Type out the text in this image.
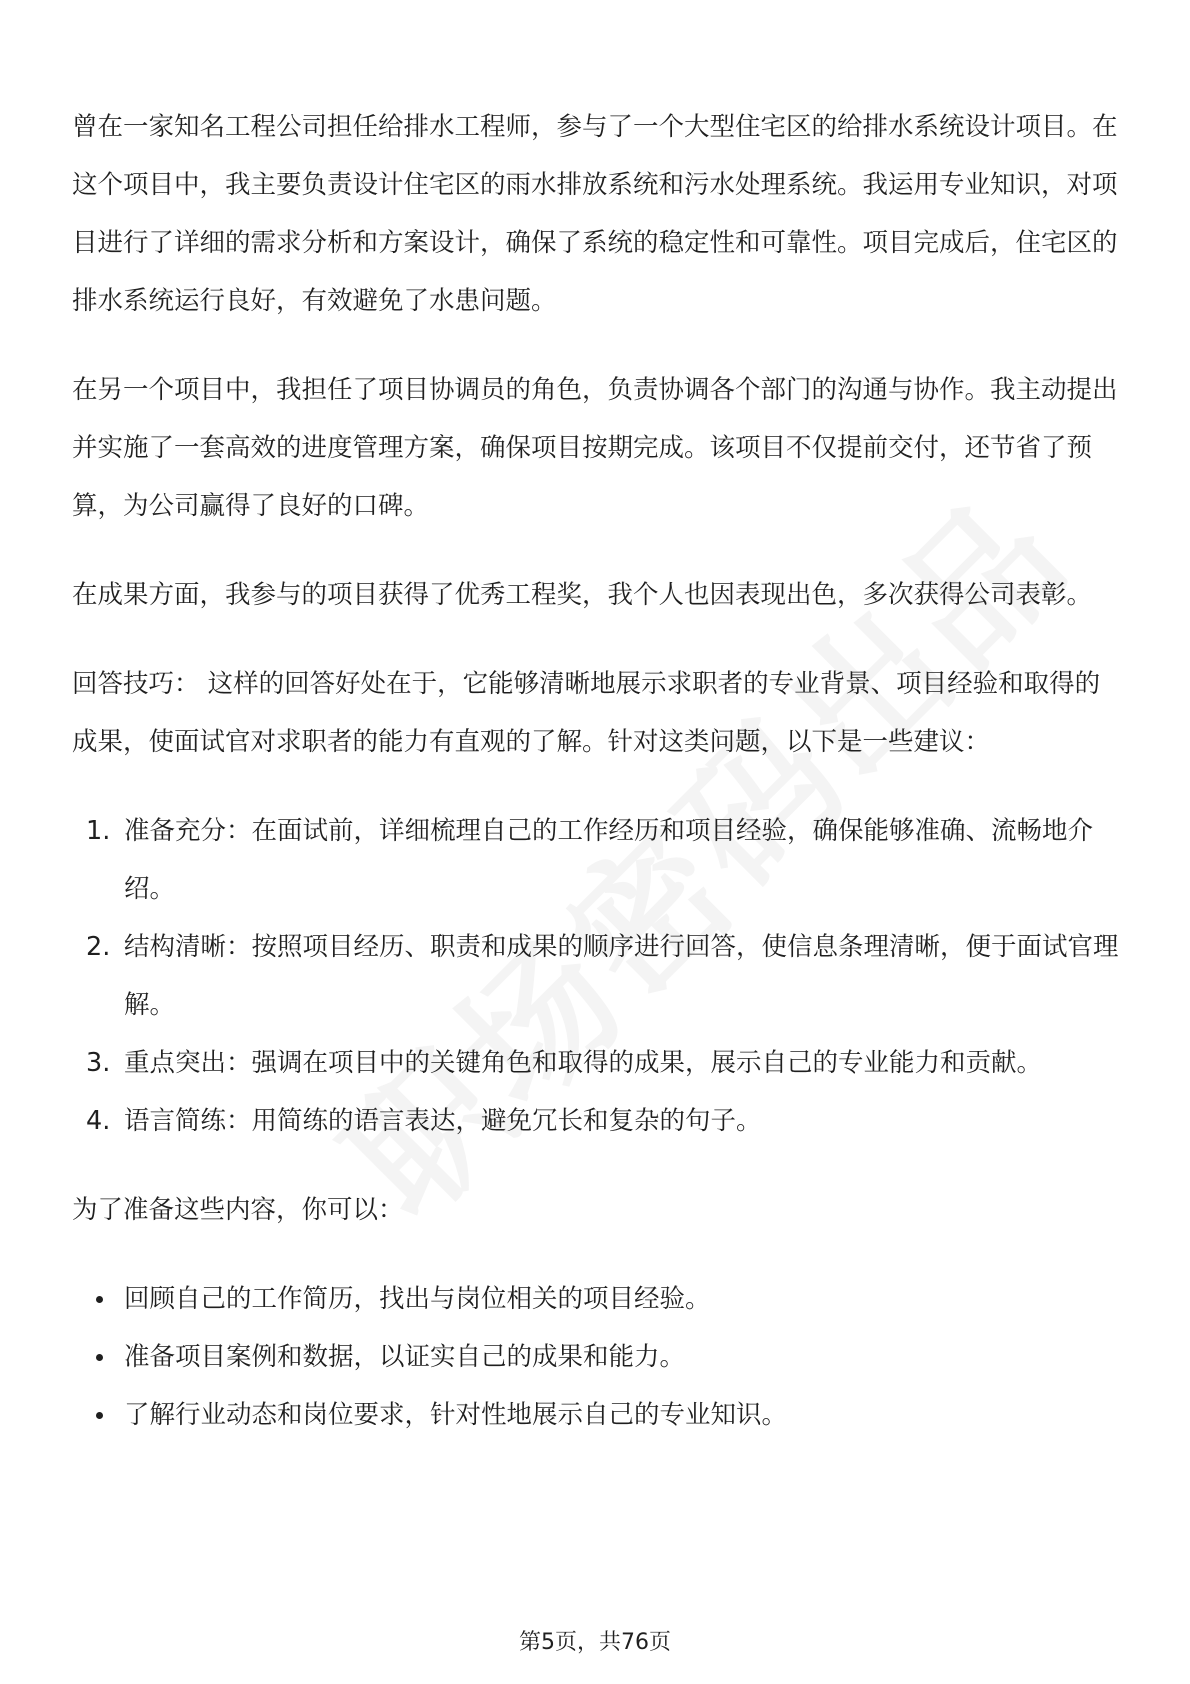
曾在一家知名工程公司担任给排水工程师，参与了一个大型住宅区的给排水系统设计项目。在这个项目中，我主要负责设计住宅区的雨水排放系统和污水处理系统。我运用专业知识，对项目进行了详细的需求分析和方案设计，确保了系统的稳定性和可靠性。项目完成后，住宅区的排水系统运行良好，有效避免了水患问题。

在另一个项目中，我担任了项目协调员的角色，负责协调各个部门的沟通与协作。我主动提出并实施了一套高效的进度管理方案，确保项目按期完成。该项目不仅提前交付，还节省了预算，为公司赢得了良好的口碑。

在成果方面，我参与的项目获得了优秀工程奖，我个人也因表现出色，多次获得公司表彰。

回答技巧： 这样的回答好处在于，它能够清晰地展示求职者的专业背景、项目经验和取得的成果，使面试官对求职者的能力有直观的了解。针对这类问题，以下是一些建议：

1. 准备充分：在面试前，详细梳理自己的工作经历和项目经验，确保能够准确、流畅地介绍。
2. 结构清晰：按照项目经历、职责和成果的顺序进行回答，使信息条理清晰，便于面试官理解。
3. 重点突出：强调在项目中的关键角色和取得的成果，展示自己的专业能力和贡献。
4. 语言简练：用简练的语言表达，避免冗长和复杂的句子。

为了准备这些内容，你可以：

回顾自己的工作简历，找出与岗位相关的项目经验。
准备项目案例和数据，以证实自己的成果和能力。
了解行业动态和岗位要求，针对性地展示自己的专业知识。
第5页，共76页
